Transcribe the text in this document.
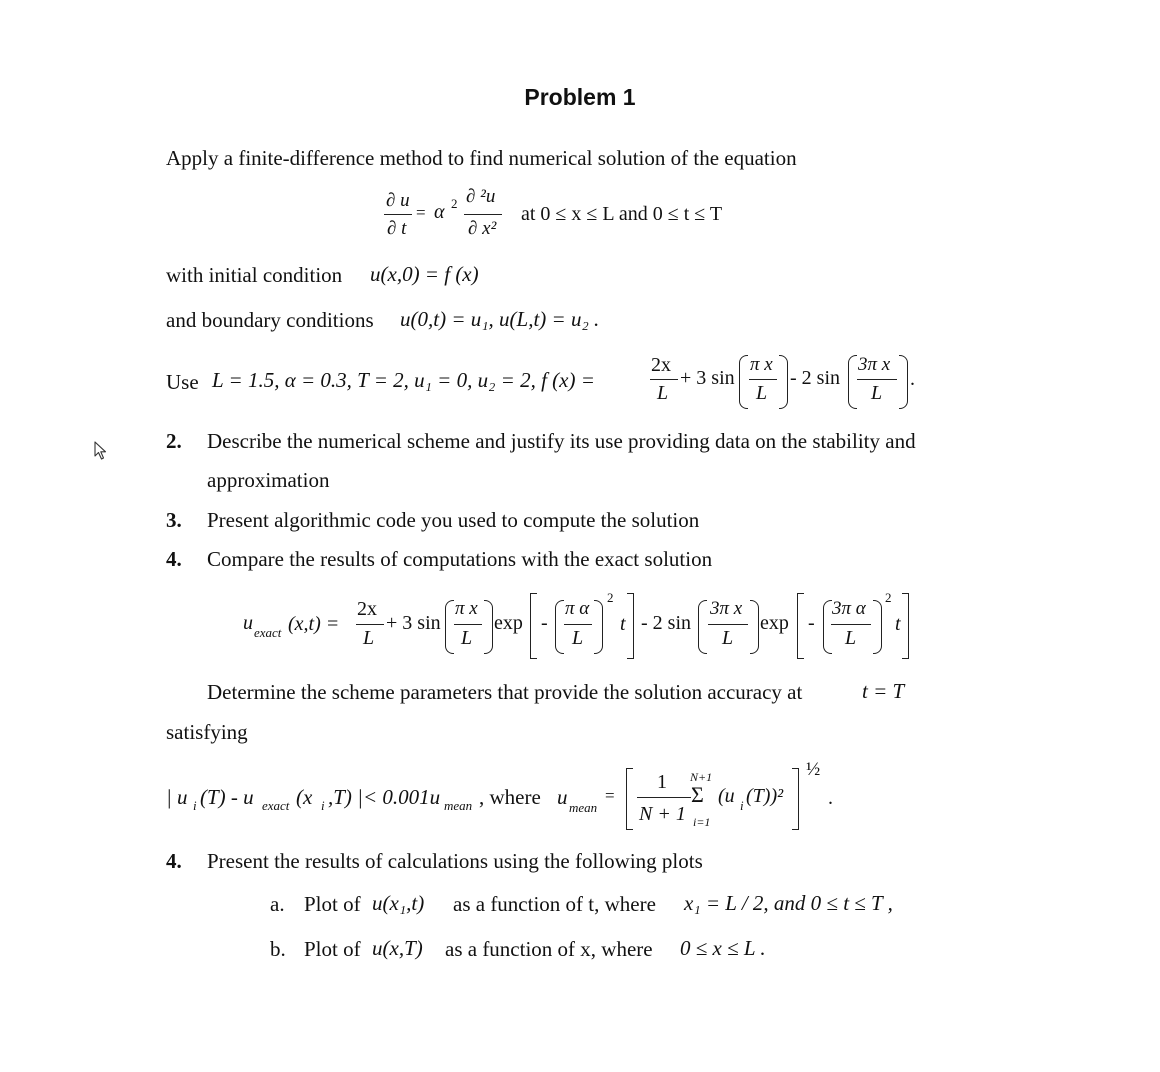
Problem 1
Apply a finite-difference method to find numerical solution of the equation
∂ u
∂ t
= α 2 ∂ ²u
∂ x²
at 0 ≤ x ≤ L and 0 ≤ t ≤ T
with initial condition u(x,0) = f (x)
and boundary conditions u(0,t) = u₁, u(L,t) = u₂ .
Use L = 1.5, α = 0.3, T = 2, u₁ = 0, u₂ = 2, f (x) =
2x
L
+ 3 sin
π x
L
- 2 sin
3π x
L
.
2. Describe the numerical scheme and justify its use providing data on the stability and
approximation
3. Present algorithmic code you used to compute the solution
4. Compare the results of computations with the exact solution
u exact (x,t) =
2x
L
+ 3 sin
π x
L
exp -
π α
L
2
t - 2 sin
3π x
L
exp -
3π α
L
2
t
Determine the scheme parameters that provide the solution accuracy at	t = T
satisfying
| u i (T) - u exact (x i ,T) |< 0.001u mean , where u mean
=
1
N + 1
N+1
Σ
i=1
(u i (T))²
½
.
4. Present the results of calculations using the following plots
a. Plot of u(x₁,t) as a function of t, where x₁ = L / 2, and 0 ≤ t ≤ T ,
b. Plot of u(x,T) as a function of x, where 0 ≤ x ≤ L .
